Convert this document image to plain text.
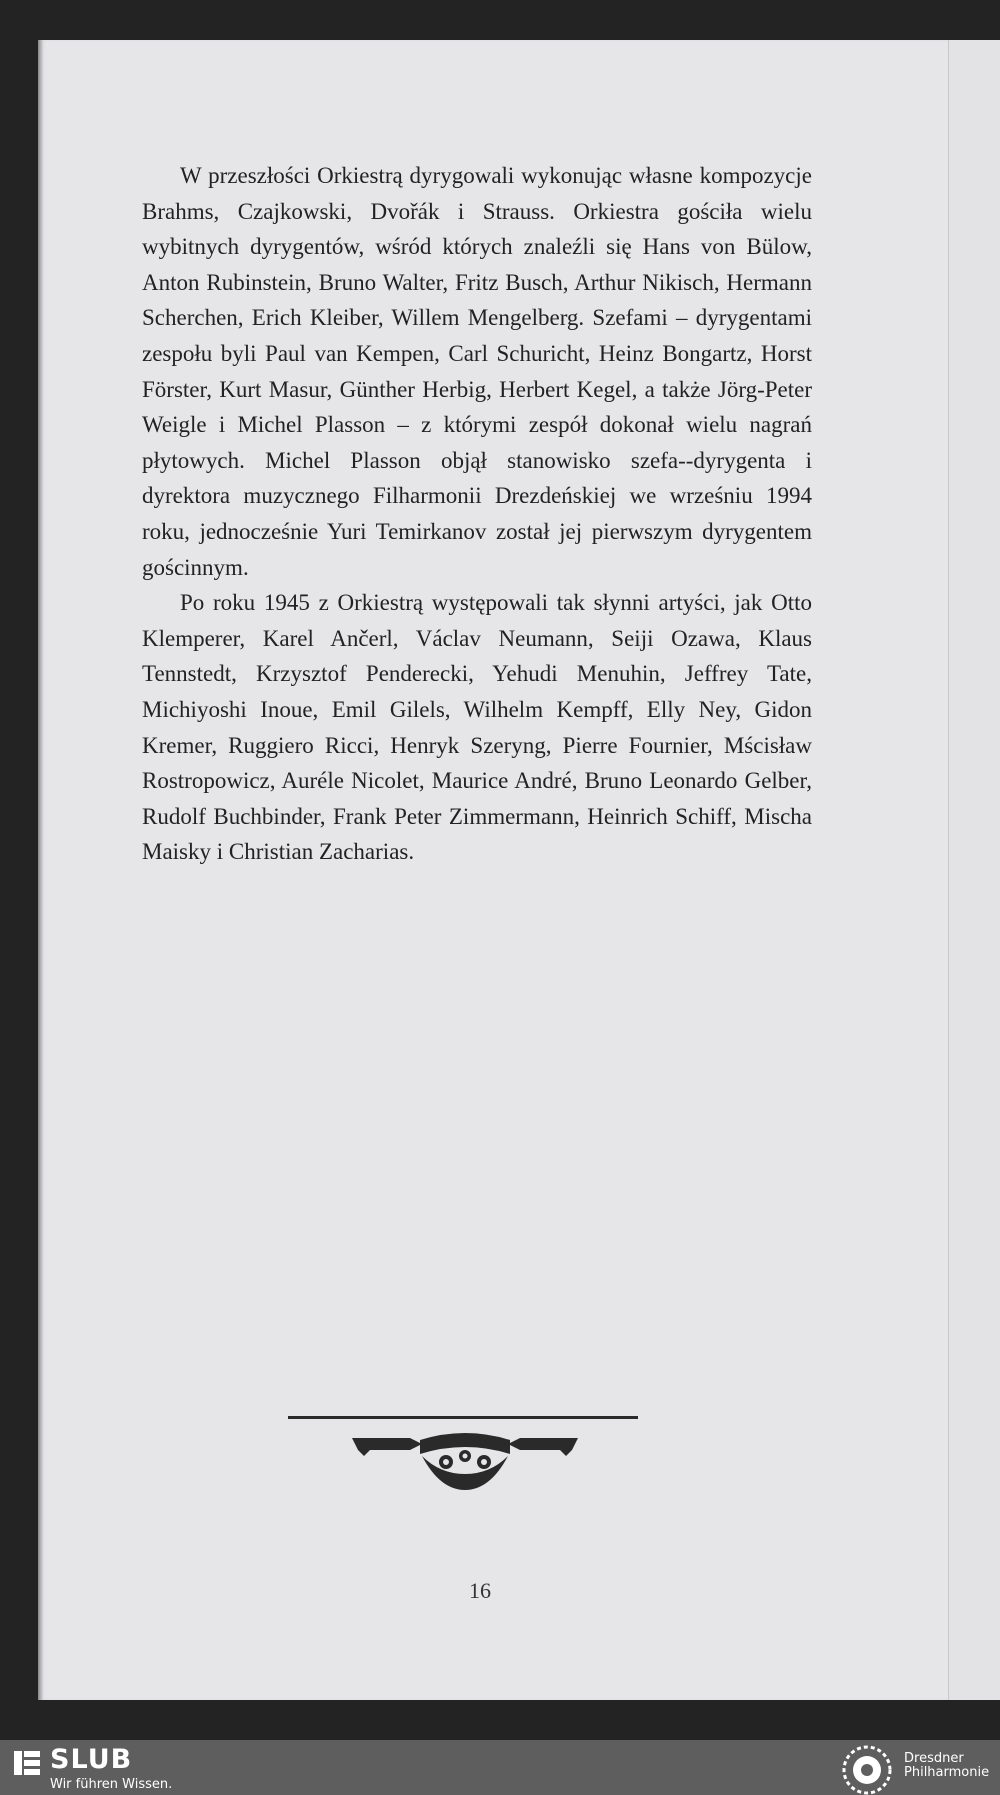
W przeszłości Orkiestrą dyrygowali wykonując własne kompozycje Brahms, Czajkowski, Dvořák i Strauss. Orkiestra gościła wielu wybitnych dyrygentów, wśród których znaleźli się Hans von Bülow, Anton Rubinstein, Bruno Walter, Fritz Busch, Arthur Nikisch, Hermann Scherchen, Erich Kleiber, Willem Mengelberg. Szefami – dyrygentami zespołu byli Paul van Kempen, Carl Schuricht, Heinz Bongartz, Horst Förster, Kurt Masur, Günther Herbig, Herbert Kegel, a także Jörg-Peter Weigle i Michel Plasson – z którymi zespół dokonał wielu nagrań płytowych. Michel Plasson objął stanowisko szefa--dyrygenta i dyrektora muzycznego Filharmonii Drezdeńskiej we wrześniu 1994 roku, jednocześnie Yuri Temirkanov został jej pierwszym dyrygentem gościnnym.

Po roku 1945 z Orkiestrą występowali tak słynni artyści, jak Otto Klemperer, Karel Ančerl, Václav Neumann, Seiji Ozawa, Klaus Tennstedt, Krzysztof Penderecki, Yehudi Menuhin, Jeffrey Tate, Michiyoshi Inoue, Emil Gilels, Wilhelm Kempff, Elly Ney, Gidon Kremer, Ruggiero Ricci, Henryk Szeryng, Pierre Fournier, Mścisław Rostropowicz, Auréle Nicolet, Maurice André, Bruno Leonardo Gelber, Rudolf Buchbinder, Frank Peter Zimmermann, Heinrich Schiff, Mischa Maisky i Christian Zacharias.

16
SLUB
Wir führen Wissen.
Dresdner
Philharmonie
